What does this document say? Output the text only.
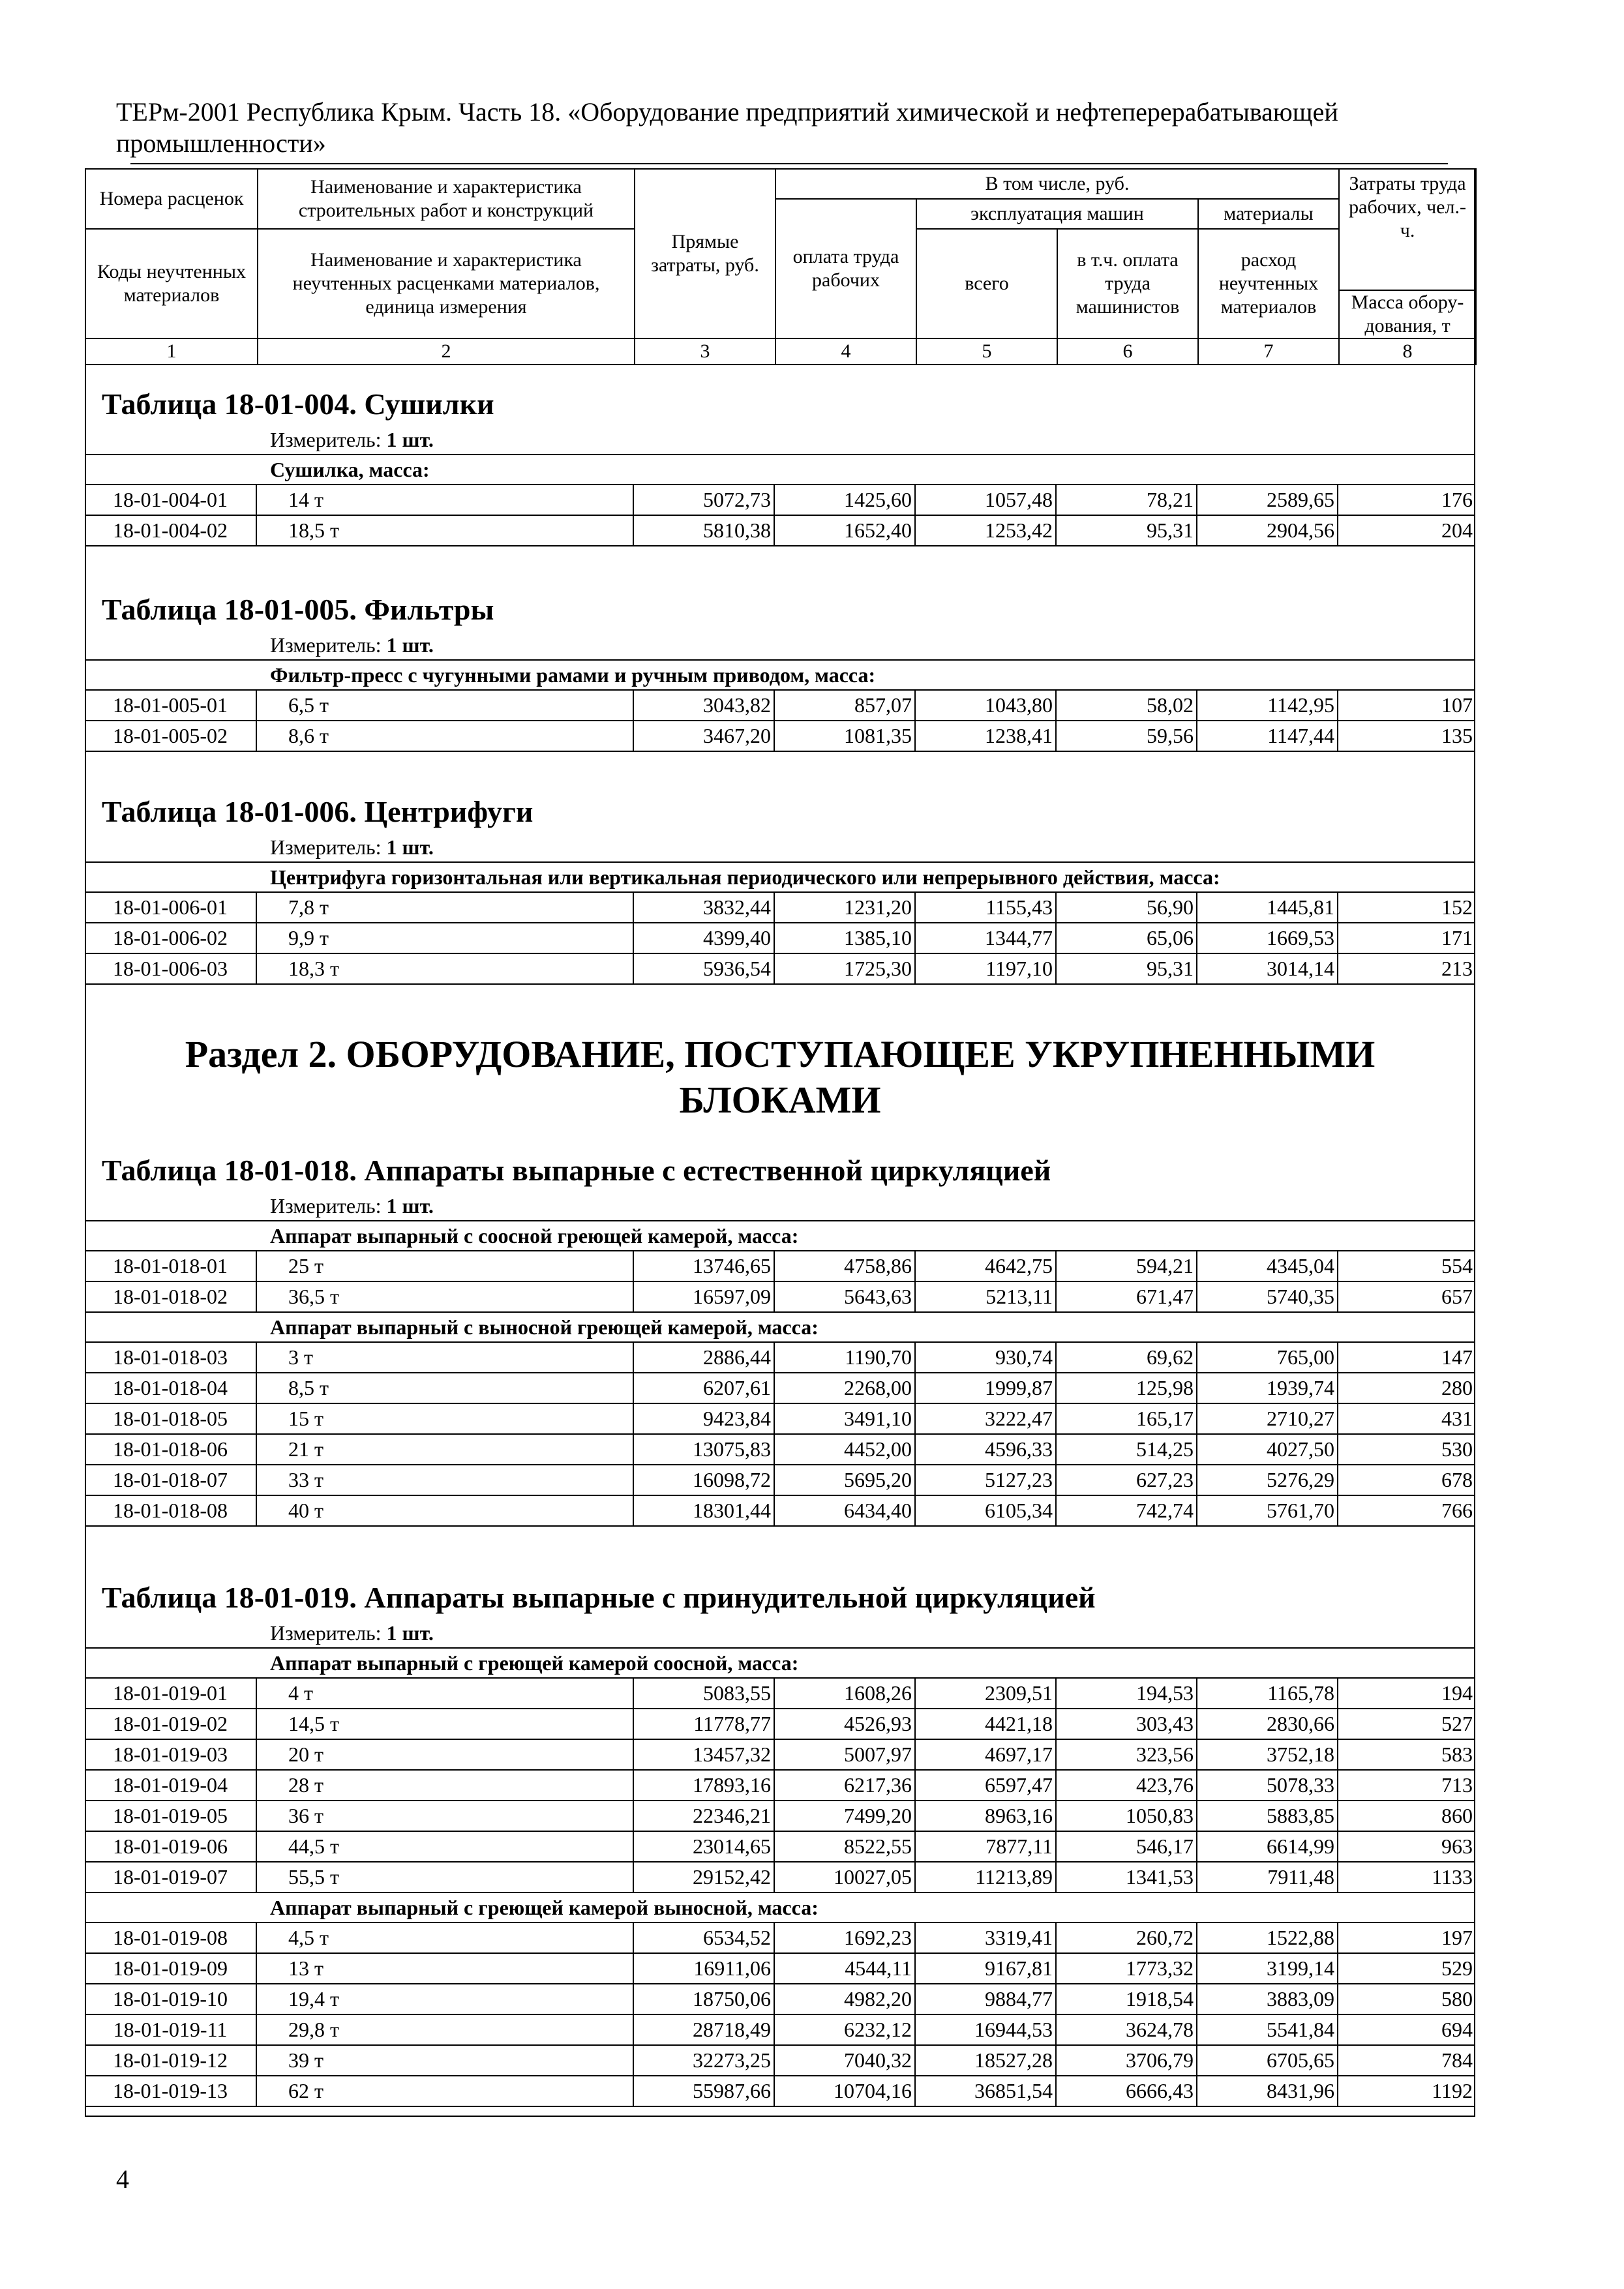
ТЕРм-2001 Республика Крым. Часть 18. «Оборудование предприятий химической и нефтеперерабатывающей промышленности»
Номера расценок	Наименование и характеристика строительных работ и конструкций	Прямые затраты, руб.	В том числе, руб.				Затраты труда рабочих, чел.-ч.
			оплата труда рабочих	эксплуатация машин		материалы	
Коды неучтенных материалов	Наименование и характеристика неучтенных расценками материалов, единица измерения			всего	в т.ч. оплата труда машинистов	расход неучтенных материалов	

							Масса обору-дования, т
1	2	3	4	5	6	7	8
Таблица 18-01-004. Сушилки
Измеритель: 1 шт.
Сушилка, масса:
18-01-004-01	14 т	5072,73	1425,60	1057,48	78,21	2589,65	176
18-01-004-02	18,5 т	5810,38	1652,40	1253,42	95,31	2904,56	204
Таблица 18-01-005. Фильтры
Измеритель: 1 шт.
Фильтр-пресс с чугунными рамами и ручным приводом, масса:
18-01-005-01	6,5 т	3043,82	857,07	1043,80	58,02	1142,95	107
18-01-005-02	8,6 т	3467,20	1081,35	1238,41	59,56	1147,44	135
Таблица 18-01-006. Центрифуги
Измеритель: 1 шт.
Центрифуга горизонтальная или вертикальная периодического или непрерывного действия, масса:
18-01-006-01	7,8 т	3832,44	1231,20	1155,43	56,90	1445,81	152
18-01-006-02	9,9 т	4399,40	1385,10	1344,77	65,06	1669,53	171
18-01-006-03	18,3 т	5936,54	1725,30	1197,10	95,31	3014,14	213
Раздел 2. ОБОРУДОВАНИЕ, ПОСТУПАЮЩЕЕ УКРУПНЕННЫМИ БЛОКАМИ
Таблица 18-01-018. Аппараты выпарные с естественной циркуляцией
Измеритель: 1 шт.
Аппарат выпарный с соосной греющей камерой, масса:
18-01-018-01	25 т	13746,65	4758,86	4642,75	594,21	4345,04	554
18-01-018-02	36,5 т	16597,09	5643,63	5213,11	671,47	5740,35	657
Аппарат выпарный с выносной греющей камерой, масса:
18-01-018-03	3 т	2886,44	1190,70	930,74	69,62	765,00	147
18-01-018-04	8,5 т	6207,61	2268,00	1999,87	125,98	1939,74	280
18-01-018-05	15 т	9423,84	3491,10	3222,47	165,17	2710,27	431
18-01-018-06	21 т	13075,83	4452,00	4596,33	514,25	4027,50	530
18-01-018-07	33 т	16098,72	5695,20	5127,23	627,23	5276,29	678
18-01-018-08	40 т	18301,44	6434,40	6105,34	742,74	5761,70	766
Таблица 18-01-019. Аппараты выпарные с принудительной циркуляцией
Измеритель: 1 шт.
Аппарат выпарный с греющей камерой соосной, масса:
18-01-019-01	4 т	5083,55	1608,26	2309,51	194,53	1165,78	194
18-01-019-02	14,5 т	11778,77	4526,93	4421,18	303,43	2830,66	527
18-01-019-03	20 т	13457,32	5007,97	4697,17	323,56	3752,18	583
18-01-019-04	28 т	17893,16	6217,36	6597,47	423,76	5078,33	713
18-01-019-05	36 т	22346,21	7499,20	8963,16	1050,83	5883,85	860
18-01-019-06	44,5 т	23014,65	8522,55	7877,11	546,17	6614,99	963
18-01-019-07	55,5 т	29152,42	10027,05	11213,89	1341,53	7911,48	1133
Аппарат выпарный с греющей камерой выносной, масса:
18-01-019-08	4,5 т	6534,52	1692,23	3319,41	260,72	1522,88	197
18-01-019-09	13 т	16911,06	4544,11	9167,81	1773,32	3199,14	529
18-01-019-10	19,4 т	18750,06	4982,20	9884,77	1918,54	3883,09	580
18-01-019-11	29,8 т	28718,49	6232,12	16944,53	3624,78	5541,84	694
18-01-019-12	39 т	32273,25	7040,32	18527,28	3706,79	6705,65	784
18-01-019-13	62 т	55987,66	10704,16	36851,54	6666,43	8431,96	1192
4
